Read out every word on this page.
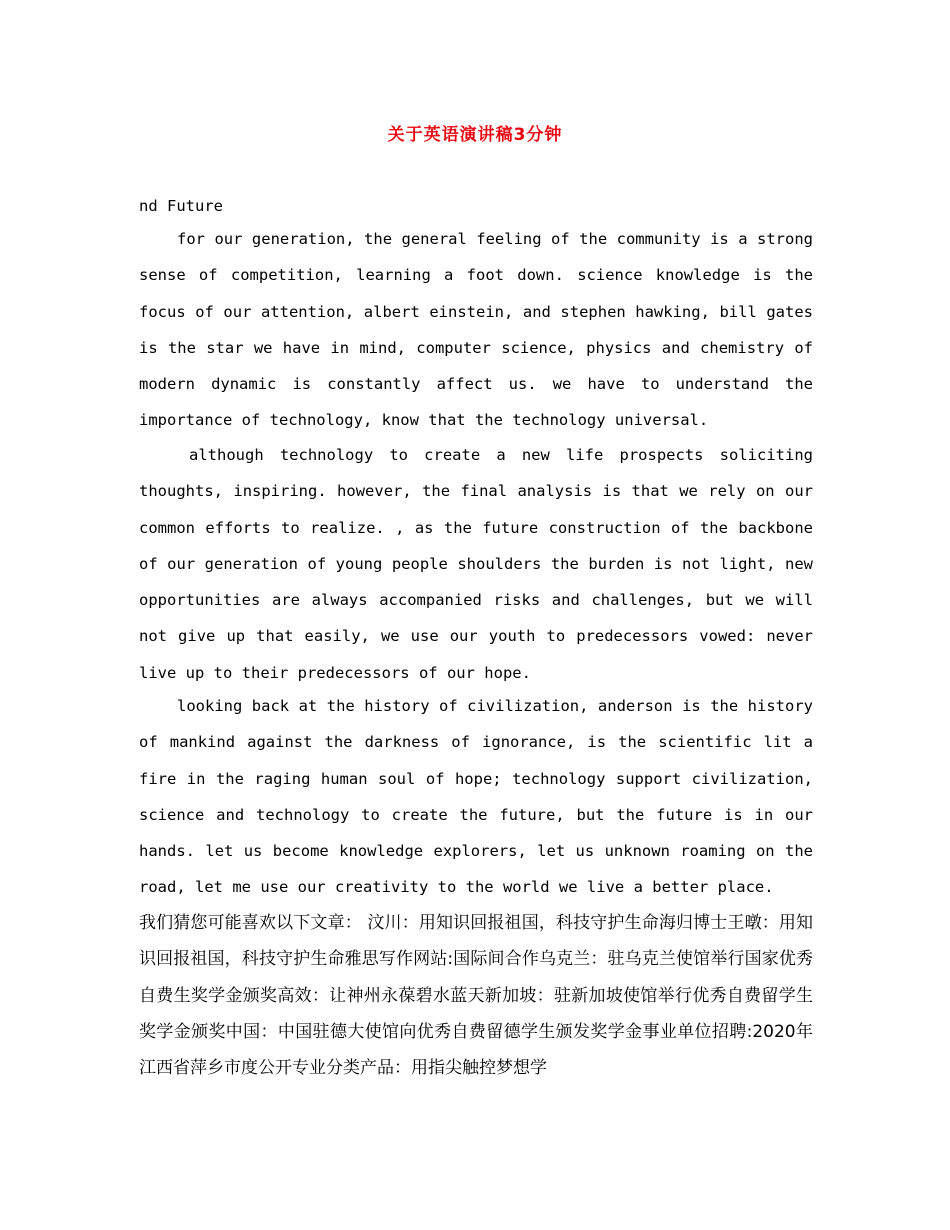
关于英语演讲稿3分钟
nd Future

for our generation, the general feeling of the community is a strong sense of competition, learning a foot down. science knowledge is the focus of our attention, albert einstein, and stephen hawking, bill gates is the star we have in mind, computer science, physics and chemistry of modern dynamic is constantly affect us. we have to understand the importance of technology, know that the technology universal.

although technology to create a new life prospects soliciting thoughts, inspiring. however, the final analysis is that we rely on our common efforts to realize. , as the future construction of the backbone of our generation of young people shoulders the burden is not light, new opportunities are always accompanied risks and challenges, but we will not give up that easily, we use our youth to predecessors vowed: never live up to their predecessors of our hope.

looking back at the history of civilization, anderson is the history of mankind against the darkness of ignorance, is the scientific lit a fire in the raging human soul of hope; technology support civilization, science and technology to create the future, but the future is in our hands. let us become knowledge explorers, let us unknown roaming on the road, let me use our creativity to the world we live a better place.

我们猜您可能喜欢以下文章： 汶川：用知识回报祖国，科技守护生命海归博士王暾：用知识回报祖国，科技守护生命雅思写作网站:国际间合作乌克兰：驻乌克兰使馆举行国家优秀自费生奖学金颁奖高效：让神州永葆碧水蓝天新加坡：驻新加坡使馆举行优秀自费留学生奖学金颁奖中国：中国驻德大使馆向优秀自费留德学生颁发奖学金事业单位招聘:2020年江西省萍乡市度公开专业分类产品：用指尖触控梦想学
